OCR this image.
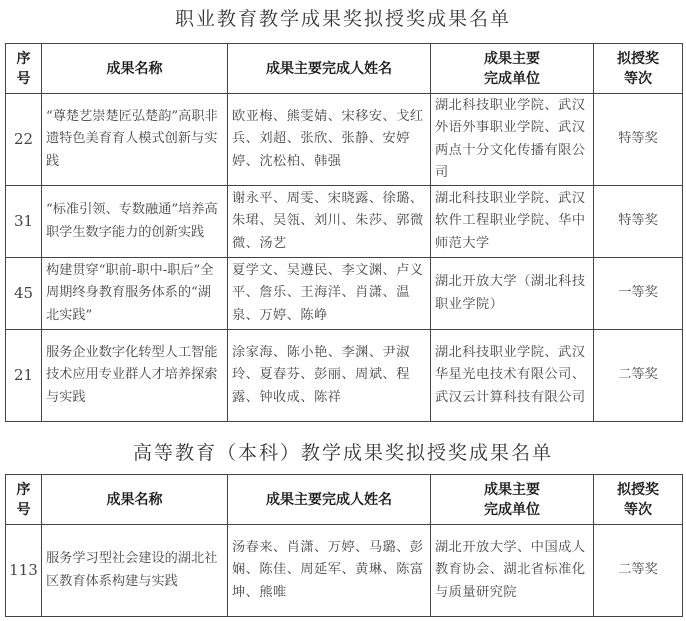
职业教育教学成果奖拟授奖成果名单
序号	成果名称	成果主要完成人姓名	成果主要完成单位	拟授奖等次

22	“尊楚艺崇楚匠弘楚韵”高职非遗特色美育育人模式创新与实践	欧亚梅、熊雯婧、宋移安、戈红兵、刘超、张欣、张静、安婷婷、沈松柏、韩强	湖北科技职业学院、武汉外语外事职业学院、武汉两点十分文化传播有限公司	特等奖
31	“标准引领、专数融通”培养高职学生数字能力的创新实践	谢永平、周雯、宋晓露、徐璐、朱珺、吴瓴、刘川、朱莎、郭微微、汤艺	湖北科技职业学院、武汉软件工程职业学院、华中师范大学	特等奖
45	构建贯穿“职前-职中-职后”全周期终身教育服务体系的“湖北实践”	夏学文、吴遵民、李文渊、卢义平、詹乐、王海洋、肖潇、温泉、万婷、陈峥	湖北开放大学（湖北科技职业学院）	一等奖
21	服务企业数字化转型人工智能技术应用专业群人才培养探索与实践	涂家海、陈小艳、李渊、尹淑玲、夏春芬、彭丽、周斌、程露、钟收成、陈祥	湖北科技职业学院、武汉华星光电技术有限公司、武汉云计算科技有限公司	二等奖
高等教育（本科）教学成果奖拟授奖成果名单
序号	成果名称	成果主要完成人姓名	成果主要完成单位	拟授奖等次

113	服务学习型社会建设的湖北社区教育体系构建与实践	汤春来、肖潇、万婷、马璐、彭娴、陈佳、周延军、黄琳、陈富坤、熊唯	湖北开放大学、中国成人教育协会、湖北省标准化与质量研究院	二等奖
